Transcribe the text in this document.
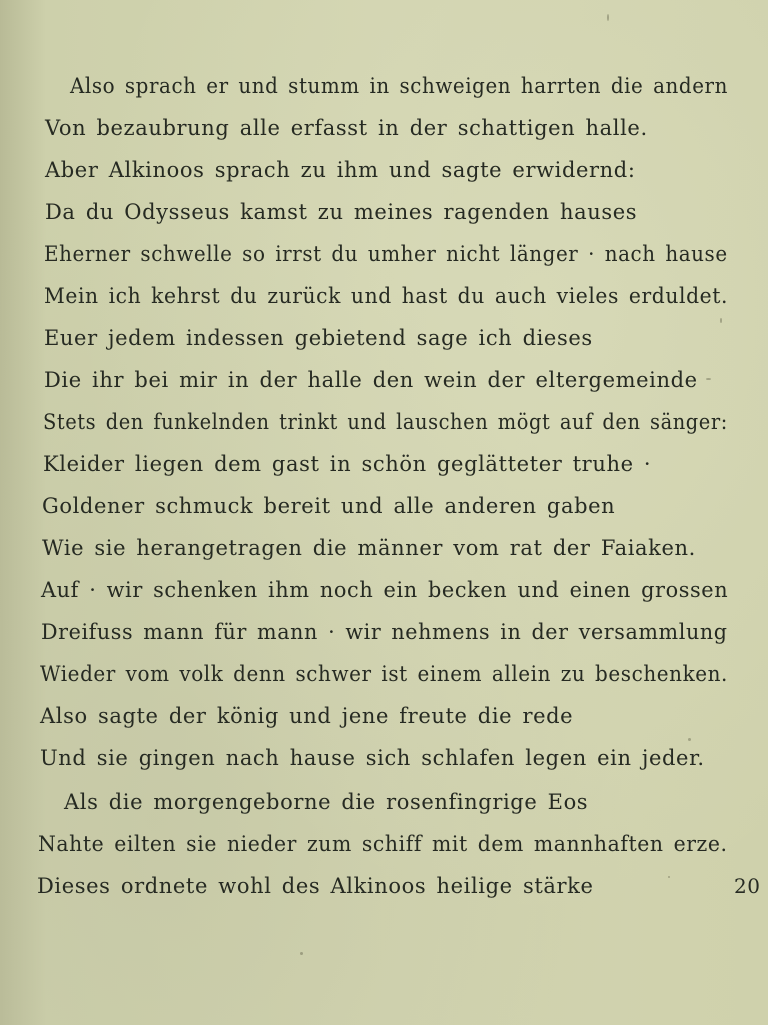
Also sprach er und stumm in schweigen harrten die andern
Von bezaubrung alle erfasst in der schattigen halle.
Aber Alkinoos sprach zu ihm und sagte erwidernd:
Da du Odysseus kamst zu meines ragenden hauses
Eherner schwelle so irrst du umher nicht länger · nach hause
Mein ich kehrst du zurück und hast du auch vieles erduldet.
Euer jedem indessen gebietend sage ich dieses
Die ihr bei mir in der halle den wein der eltergemeinde
Stets den funkelnden trinkt und lauschen mögt auf den sänger:
Kleider liegen dem gast in schön geglätteter truhe ·
Goldener schmuck bereit und alle anderen gaben
Wie sie herangetragen die männer vom rat der Faiaken.
Auf · wir schenken ihm noch ein becken und einen grossen
Dreifuss mann für mann · wir nehmens in der versammlung
Wieder vom volk denn schwer ist einem allein zu beschenken.
Also sagte der könig und jene freute die rede
Und sie gingen nach hause sich schlafen legen ein jeder.
Als die morgengeborne die rosenfingrige Eos
Nahte eilten sie nieder zum schiff mit dem mannhaften erze.
Dieses ordnete wohl des Alkinoos heilige stärke	20
